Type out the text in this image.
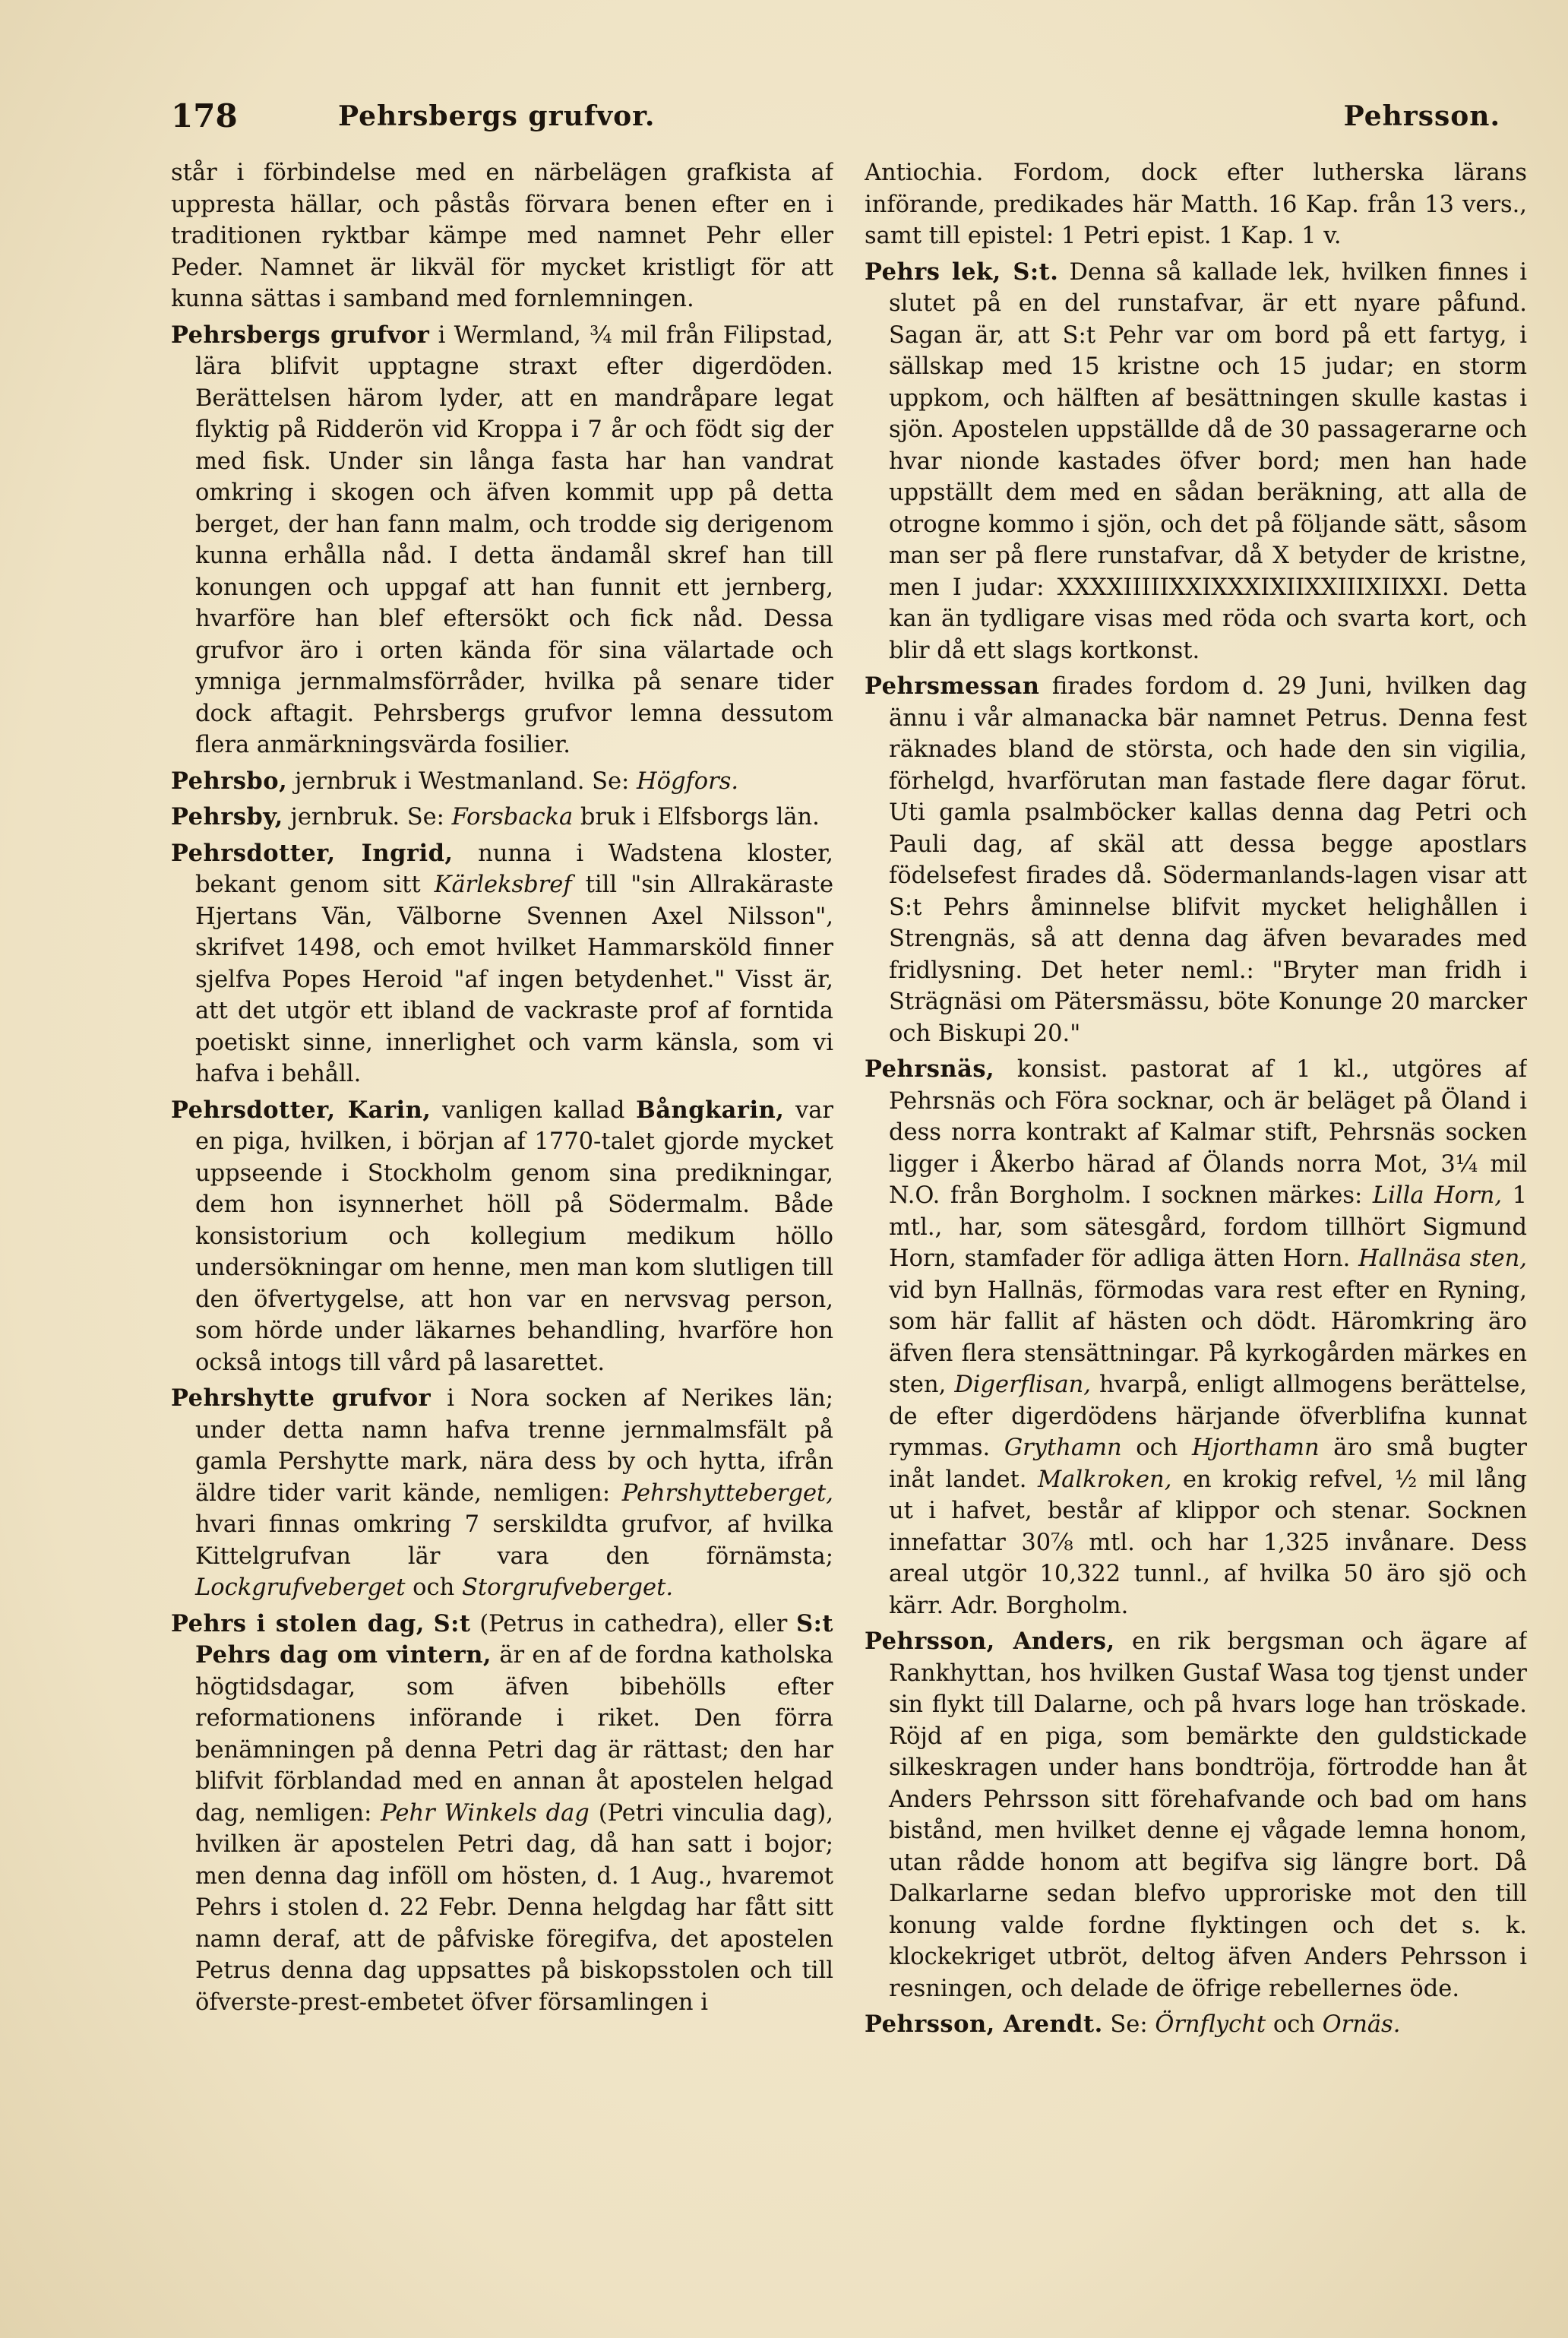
178	Pehrsbergs grufvor.	Pehrsson.

står i förbindelse med en närbelägen grafkista af uppresta hällar, och påstås förvara benen efter en i traditionen ryktbar kämpe med namnet Pehr eller Peder. Namnet är likväl för mycket kristligt för att kunna sättas i samband med fornlemningen.

Pehrsbergs grufvor i Wermland, ¾ mil från Filipstad, lära blifvit upptagne straxt efter digerdöden. Berättelsen härom lyder, att en mandråpare legat flyktig på Ridderön vid Kroppa i 7 år och födt sig der med fisk. Under sin långa fasta har han vandrat omkring i skogen och äfven kommit upp på detta berget, der han fann malm, och trodde sig derigenom kunna erhålla nåd. I detta ändamål skref han till konungen och uppgaf att han funnit ett jernberg, hvarföre han blef eftersökt och fick nåd. Dessa grufvor äro i orten kända för sina välartade och ymniga jernmalmsförråder, hvilka på senare tider dock aftagit. Pehrsbergs grufvor lemna dessutom flera anmärkningsvärda fosilier.

Pehrsbo, jernbruk i Westmanland. Se: Högfors.

Pehrsby, jernbruk. Se: Forsbacka bruk i Elfsborgs län.

Pehrsdotter, Ingrid, nunna i Wadstena kloster, bekant genom sitt Kärleksbref till "sin Allrakäraste Hjertans Vän, Välborne Svennen Axel Nilsson", skrifvet 1498, och emot hvilket Hammarsköld finner sjelfva Popes Heroid "af ingen betydenhet." Visst är, att det utgör ett ibland de vackraste prof af forntida poetiskt sinne, innerlighet och varm känsla, som vi hafva i behåll.

Pehrsdotter, Karin, vanligen kallad Bångkarin, var en piga, hvilken, i början af 1770-talet gjorde mycket uppseende i Stockholm genom sina predikningar, dem hon isynnerhet höll på Södermalm. Både konsistorium och kollegium medikum höllo undersökningar om henne, men man kom slutligen till den öfvertygelse, att hon var en nervsvag person, som hörde under läkarnes behandling, hvarföre hon också intogs till vård på lasarettet.

Pehrshytte grufvor i Nora socken af Nerikes län; under detta namn hafva trenne jernmalmsfält på gamla Pershytte mark, nära dess by och hytta, ifrån äldre tider varit kände, nemligen: Pehrshytteberget, hvari finnas omkring 7 serskildta grufvor, af hvilka Kittelgrufvan lär vara den förnämsta; Lockgrufveberget och Storgrufveberget.

Pehrs i stolen dag, S:t (Petrus in cathedra), eller S:t Pehrs dag om vintern, är en af de fordna katholska högtidsdagar, som äfven bibehölls efter reformationens införande i riket. Den förra benämningen på denna Petri dag är rättast; den har blifvit förblandad med en annan åt apostelen helgad dag, nemligen: Pehr Winkels dag (Petri vinculia dag), hvilken är apostelen Petri dag, då han satt i bojor; men denna dag inföll om hösten, d. 1 Aug., hvaremot Pehrs i stolen d. 22 Febr. Denna helgdag har fått sitt namn deraf, att de påfviske föregifva, det apostelen Petrus denna dag uppsattes på biskopsstolen och till öfverste-prest-embetet öfver församlingen i

Antiochia. Fordom, dock efter lutherska lärans införande, predikades här Matth. 16 Kap. från 13 vers., samt till epistel: 1 Petri epist. 1 Kap. 1 v.

Pehrs lek, S:t. Denna så kallade lek, hvilken finnes i slutet på en del runstafvar, är ett nyare påfund. Sagan är, att S:t Pehr var om bord på ett fartyg, i sällskap med 15 kristne och 15 judar; en storm uppkom, och hälften af besättningen skulle kastas i sjön. Apostelen uppställde då de 30 passagerarne och hvar nionde kastades öfver bord; men han hade uppställt dem med en sådan beräkning, att alla de otrogne kommo i sjön, och det på följande sätt, såsom man ser på flere runstafvar, då X betyder de kristne, men I judar: XXXXIIIIIXXIXXXIXIIXXIIIXIIXXI. Detta kan än tydligare visas med röda och svarta kort, och blir då ett slags kortkonst.

Pehrsmessan firades fordom d. 29 Juni, hvilken dag ännu i vår almanacka bär namnet Petrus. Denna fest räknades bland de största, och hade den sin vigilia, förhelgd, hvarförutan man fastade flere dagar förut. Uti gamla psalmböcker kallas denna dag Petri och Pauli dag, af skäl att dessa begge apostlars födelsefest firades då. Södermanlands-lagen visar att S:t Pehrs åminnelse blifvit mycket helighållen i Strengnäs, så att denna dag äfven bevarades med fridlysning. Det heter neml.: "Bryter man fridh i Strägnäsi om Pätersmässu, böte Konunge 20 marcker och Biskupi 20."

Pehrsnäs, konsist. pastorat af 1 kl., utgöres af Pehrsnäs och Föra socknar, och är beläget på Öland i dess norra kontrakt af Kalmar stift, Pehrsnäs socken ligger i Åkerbo härad af Ölands norra Mot, 3¼ mil N.O. från Borgholm. I socknen märkes: Lilla Horn, 1 mtl., har, som sätesgård, fordom tillhört Sigmund Horn, stamfader för adliga ätten Horn. Hallnäsa sten, vid byn Hallnäs, förmodas vara rest efter en Ryning, som här fallit af hästen och dödt. Häromkring äro äfven flera stensättningar. På kyrkogården märkes en sten, Digerflisan, hvarpå, enligt allmogens berättelse, de efter digerdödens härjande öfverblifna kunnat rymmas. Grythamn och Hjorthamn äro små bugter inåt landet. Malkroken, en krokig refvel, ½ mil lång ut i hafvet, består af klippor och stenar. Socknen innefattar 30⅞ mtl. och har 1,325 invånare. Dess areal utgör 10,322 tunnl., af hvilka 50 äro sjö och kärr. Adr. Borgholm.

Pehrsson, Anders, en rik bergsman och ägare af Rankhyttan, hos hvilken Gustaf Wasa tog tjenst under sin flykt till Dalarne, och på hvars loge han tröskade. Röjd af en piga, som bemärkte den guldstickade silkeskragen under hans bondtröja, förtrodde han åt Anders Pehrsson sitt förehafvande och bad om hans bistånd, men hvilket denne ej vågade lemna honom, utan rådde honom att begifva sig längre bort. Då Dalkarlarne sedan blefvo upproriske mot den till konung valde fordne flyktingen och det s. k. klockekriget utbröt, deltog äfven Anders Pehrsson i resningen, och delade de öfrige rebellernes öde.

Pehrsson, Arendt. Se: Örnflycht och Ornäs.
